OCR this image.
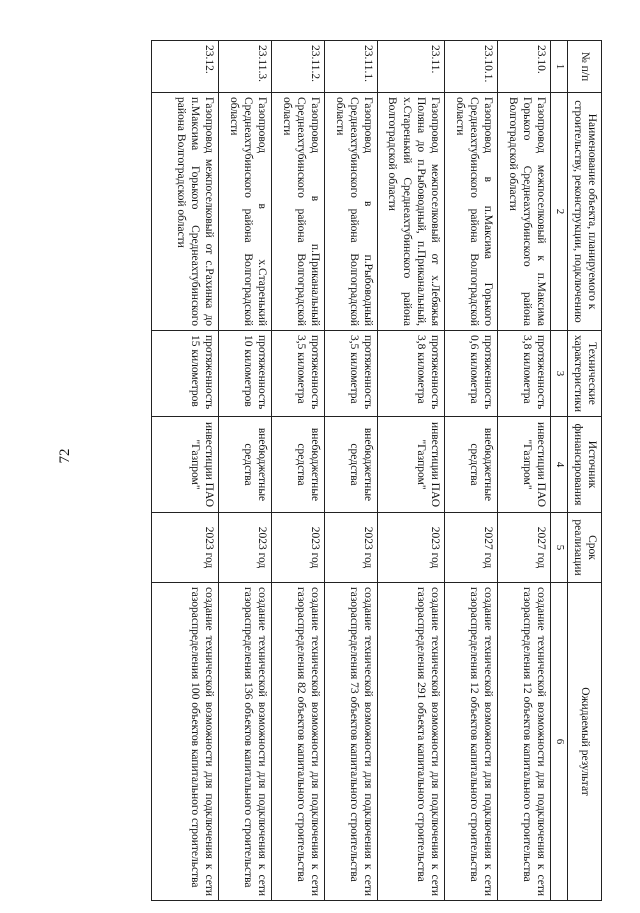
72
№ п/п	Наименование объекта, планируемого к строительству, реконструкции, подключению	Технические характеристики	Источник финансирования	Срок реализации	Ожидаемый результат
1	2	3	4	5	6
23.10.	Газопровод межпоселковый к п.Максима Горького Среднеахтубинского района Волгоградской области	протяженность 3,8 километра	инвестиции ПАО "Газпром"	2027 год	создание технической возможности для подключения к сети газораспределения 12 объектов капитального строительства
23.10.1.	Газопровод в п.Максима Горького Среднеахтубинского района Волгоградской области	протяженность 0,6 километра	внебюджетные средства	2027 год	создание технической возможности для подключения к сети газораспределения 12 объектов капитального строительства
23.11.	Газопровод межпоселковый от х.Лебяжья Поляна до п.Рыбоводный, п.Приканальный, х.Старенький Среднеахтубинского района Волгоградской области	протяженность 3,8 километра	инвестиции ПАО "Газпром"	2023 год	создание технической возможности для подключения к сети газораспределения 291 объекта капитального строительства
23.11.1.	Газопровод в п.Рыбоводный Среднеахтубинского района Волгоградской области	протяженность 3,5 километра	внебюджетные средства	2023 год	создание технической возможности для подключения к сети газораспределения 73 объектов капитального строительства
23.11.2.	Газопровод в п.Приканальный Среднеахтубинского района Волгоградской области	протяженность 3,5 километра	внебюджетные средства	2023 год	создание технической возможности для подключения к сети газораспределения 82 объектов капитального строительства
23.11.3.	Газопровод в х.Старенький Среднеахтубинского района Волгоградской области	протяженность 10 километров	внебюджетные средства	2023 год	создание технической возможности для подключения к сети газораспределения 136 объектов капитального строительства
23.12.	Газопровод межпоселковый от с.Рахинка до п.Максима Горького Среднеахтубинского района Волгоградской области	протяженность 15 километров	инвестиции ПАО "Газпром"	2023 год	создание технической возможности для подключения к сети газораспределения 100 объектов капитального строительства
